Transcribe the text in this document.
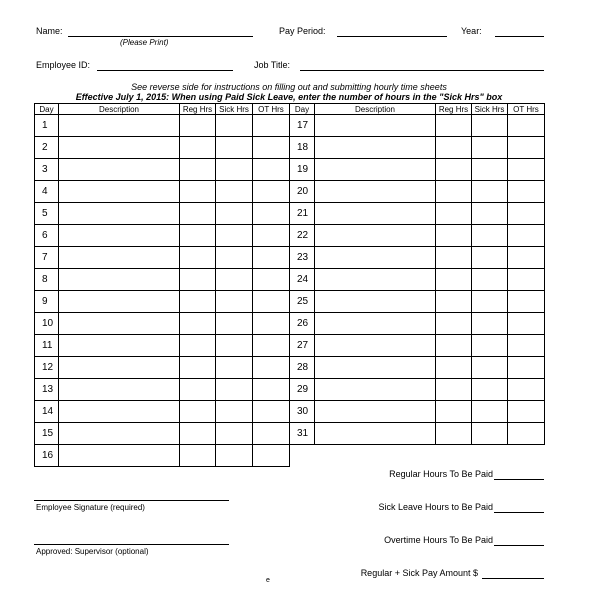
Name:
(Please Print)
Pay Period:	Year:
Employee ID:	Job Title:
See reverse side for instructions on filling out and submitting hourly time sheets
Effective July 1, 2015: When using Paid Sick Leave, enter the number of hours in the "Sick Hrs" box
Day	Description	Reg Hrs	Sick Hrs	OT Hrs
1				
2				
3				
4				
5				
6				
7				
8				
9				
10				
11				
12				
13				
14				
15				
16				
Day	Description	Reg Hrs	Sick Hrs	OT Hrs
17				
18				
19				
20				
21				
22				
23				
24				
25				
26				
27				
28				
29				
30				
31				
Regular Hours To Be Paid
Sick Leave Hours to Be Paid
Overtime Hours To Be Paid
Regular + Sick Pay Amount $
Employee Signature (required)
Approved: Supervisor (optional)
e
